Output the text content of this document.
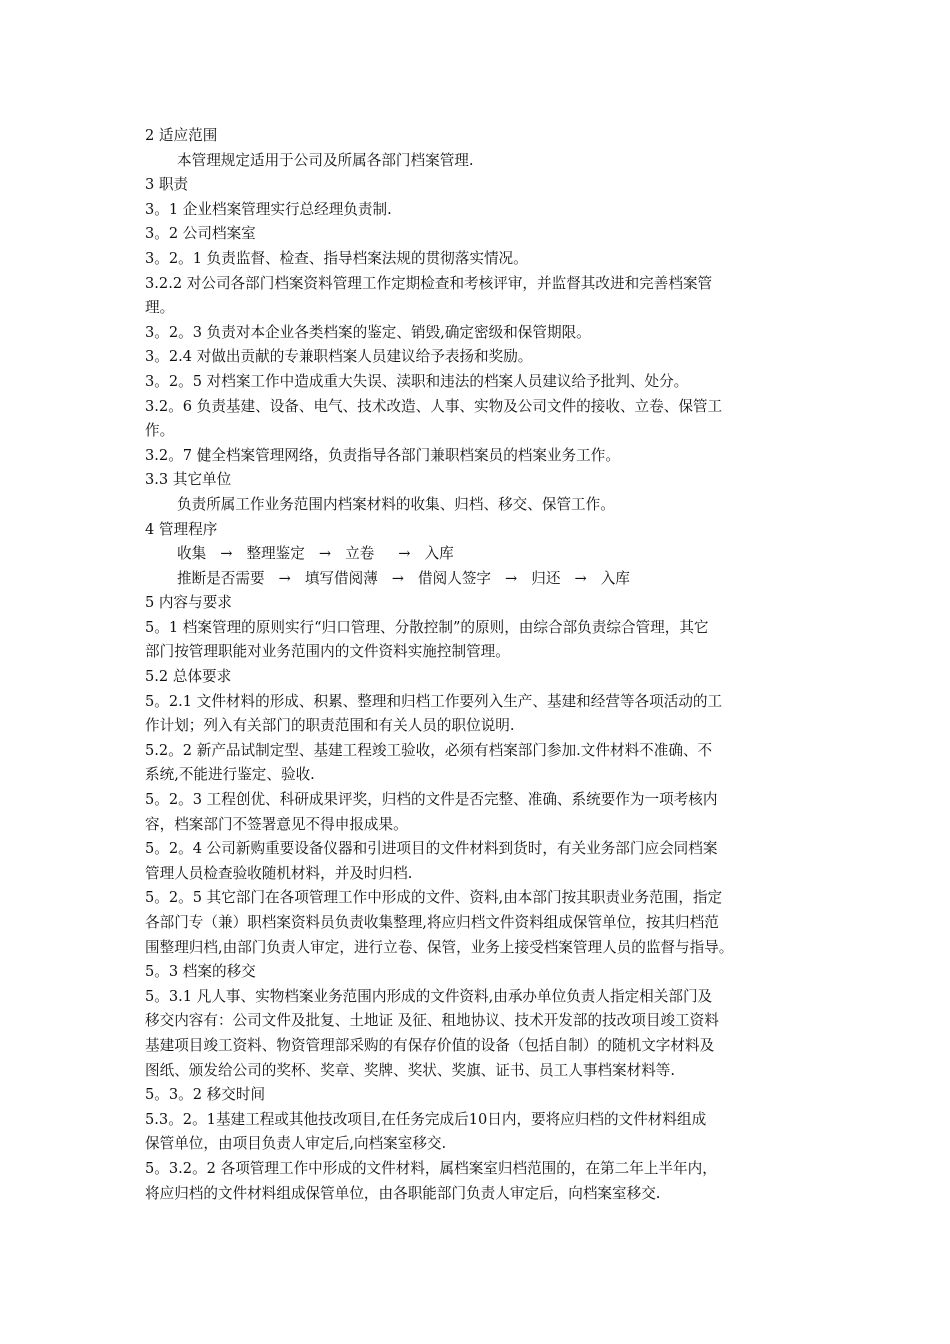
2 适应范围

本管理规定适用于公司及所属各部门档案管理.

3 职责

3。1 企业档案管理实行总经理负责制.

3。2 公司档案室

3。2。1 负责监督、检查、指导档案法规的贯彻落实情况。

3.2.2 对公司各部门档案资料管理工作定期检查和考核评审，并监督其改进和完善档案管

理。

3。2。3 负责对本企业各类档案的鉴定、销毁,确定密级和保管期限。

3。2.4 对做出贡献的专兼职档案人员建议给予表扬和奖励。

3。2。5 对档案工作中造成重大失误、渎职和违法的档案人员建议给予批判、处分。

3.2。6 负责基建、设备、电气、技术改造、人事、实物及公司文件的接收、立卷、保管工

作。

3.2。7 健全档案管理网络，负责指导各部门兼职档案员的档案业务工作。

3.3 其它单位

负责所属工作业务范围内档案材料的收集、归档、移交、保管工作。

4 管理程序

收集 → 整理鉴定 → 立卷 → 入库

推断是否需要 → 填写借阅薄 → 借阅人签字 → 归还 → 入库

5 内容与要求

5。1 档案管理的原则实行“归口管理、分散控制”的原则，由综合部负责综合管理，其它

部门按管理职能对业务范围内的文件资料实施控制管理。

5.2 总体要求

5。2.1 文件材料的形成、积累、整理和归档工作要列入生产、基建和经营等各项活动的工

作计划；列入有关部门的职责范围和有关人员的职位说明.

5.2。2 新产品试制定型、基建工程竣工验收，必须有档案部门参加.文件材料不准确、不

系统,不能进行鉴定、验收.

5。2。3 工程创优、科研成果评奖，归档的文件是否完整、准确、系统要作为一项考核内

容，档案部门不签署意见不得申报成果。

5。2。4 公司新购重要设备仪器和引进项目的文件材料到货时，有关业务部门应会同档案

管理人员检查验收随机材料，并及时归档.

5。2。5 其它部门在各项管理工作中形成的文件、资料,由本部门按其职责业务范围，指定

各部门专（兼）职档案资料员负责收集整理,将应归档文件资料组成保管单位，按其归档范

围整理归档,由部门负责人审定，进行立卷、保管，业务上接受档案管理人员的监督与指导。

5。3 档案的移交

5。3.1 凡人事、实物档案业务范围内形成的文件资料,由承办单位负责人指定相关部门及

移交内容有：公司文件及批复、土地证 及征、租地协议、技术开发部的技改项目竣工资料

基建项目竣工资料、物资管理部采购的有保存价值的设备（包括自制）的随机文字材料及

图纸、颁发给公司的奖杯、奖章、奖牌、奖状、奖旗、证书、员工人事档案材料等.

5。3。2 移交时间

5.3。2。1基建工程或其他技改项目,在任务完成后10日内，要将应归档的文件材料组成

保管单位，由项目负责人审定后,向档案室移交.

5。3.2。2 各项管理工作中形成的文件材料，属档案室归档范围的，在第二年上半年内，

将应归档的文件材料组成保管单位，由各职能部门负责人审定后，向档案室移交.
